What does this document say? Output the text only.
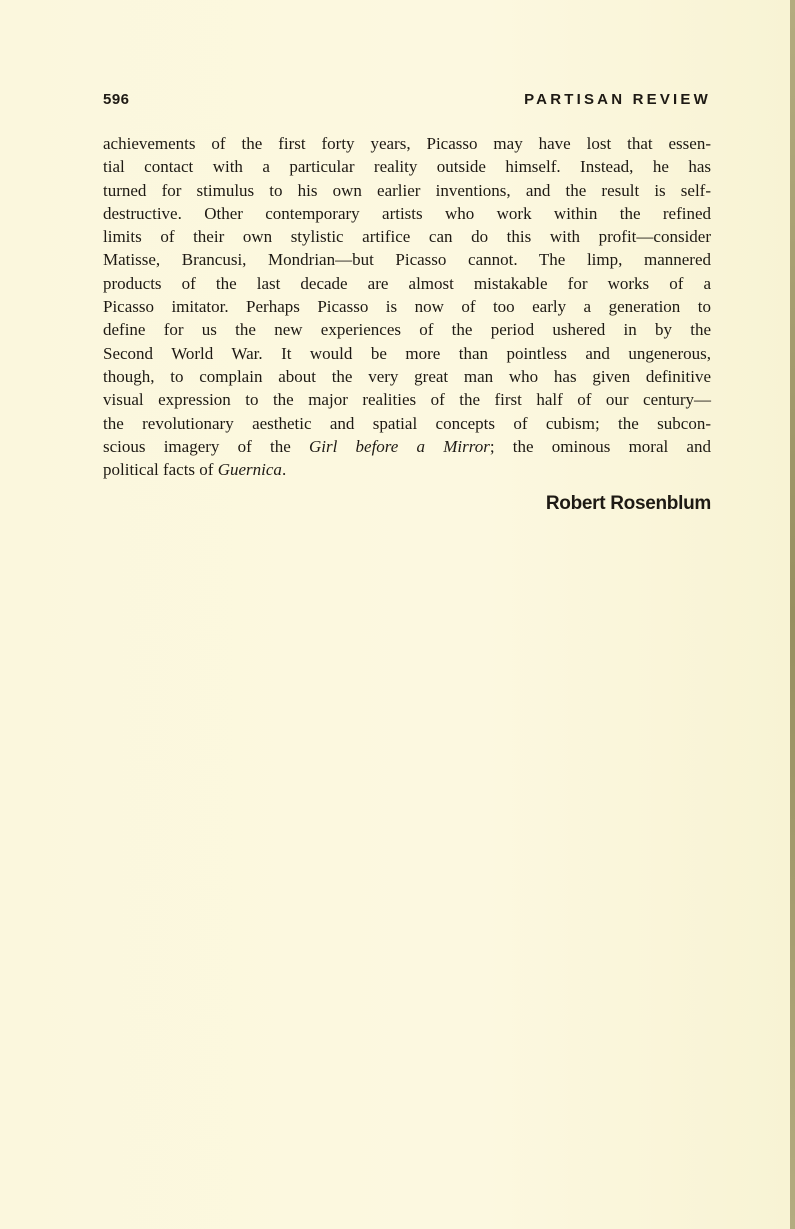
596	PARTISAN REVIEW
achievements of the first forty years, Picasso may have lost that essen-
tial contact with a particular reality outside himself. Instead, he has
turned for stimulus to his own earlier inventions, and the result is self-
destructive. Other contemporary artists who work within the refined
limits of their own stylistic artifice can do this with profit—consider
Matisse, Brancusi, Mondrian—but Picasso cannot. The limp, mannered
products of the last decade are almost mistakable for works of a
Picasso imitator. Perhaps Picasso is now of too early a generation to
define for us the new experiences of the period ushered in by the
Second World War. It would be more than pointless and ungenerous,
though, to complain about the very great man who has given definitive
visual expression to the major realities of the first half of our century—
the revolutionary aesthetic and spatial concepts of cubism; the subcon-
scious imagery of the Girl before a Mirror; the ominous moral and
political facts of Guernica.
Robert Rosenblum
